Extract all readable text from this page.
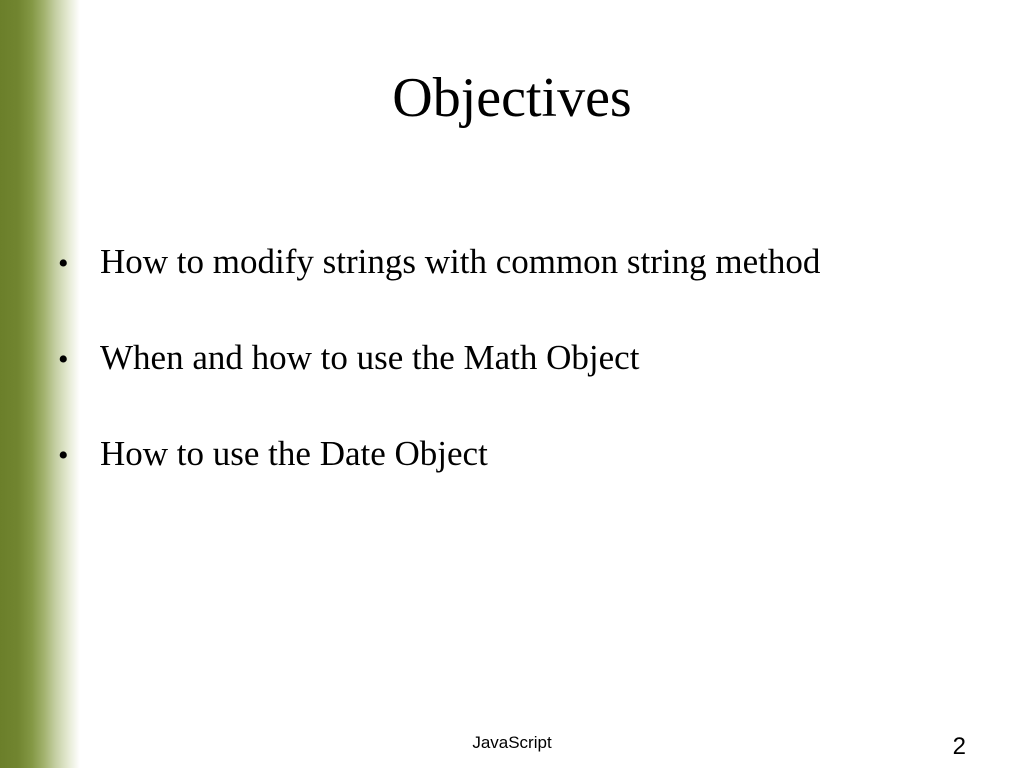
Objectives
• How to modify strings with common string method
• When and how to use the Math Object
• How to use the Date Object
JavaScript	2
